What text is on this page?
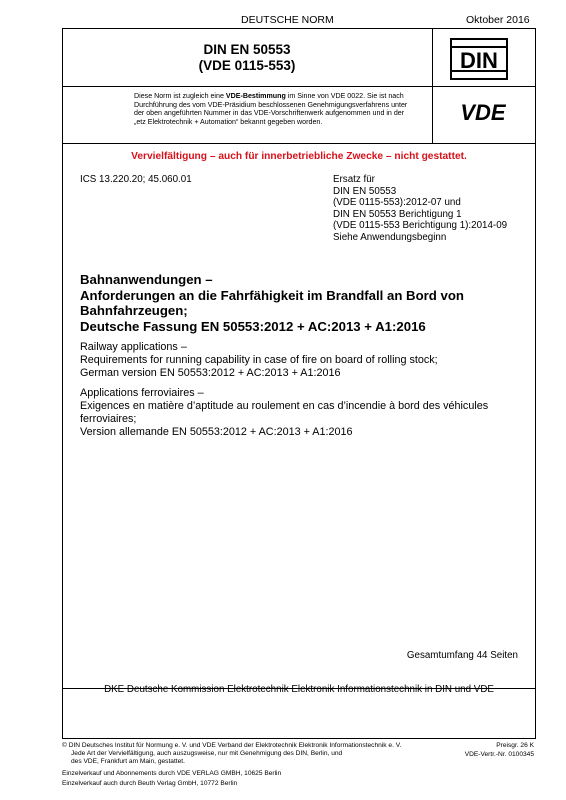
DEUTSCHE NORM	Oktober 2016
DIN EN 50553
(VDE 0115-553)	DIN
VDE
Diese Norm ist zugleich eine VDE-Bestimmung im Sinne von VDE 0022. Sie ist nach
Durchführung des vom VDE-Präsidium beschlossenen Genehmigungsverfahrens unter
der oben angeführten Nummer in das VDE-Vorschriftenwerk aufgenommen und in der
„etz Elektrotechnik + Automation“ bekannt gegeben worden.
Vervielfältigung – auch für innerbetriebliche Zwecke – nicht gestattet.
ICS 13.220.20; 45.060.01	Ersatz für
DIN EN 50553
(VDE 0115-553):2012-07 und
DIN EN 50553 Berichtigung 1
(VDE 0115-553 Berichtigung 1):2014-09
Siehe Anwendungsbeginn
Bahnanwendungen –
Anforderungen an die Fahrfähigkeit im Brandfall an Bord von
Bahnfahrzeugen;
Deutsche Fassung EN 50553:2012 + AC:2013 + A1:2016
Railway applications –
Requirements for running capability in case of fire on board of rolling stock;
German version EN 50553:2012 + AC:2013 + A1:2016
Applications ferroviaires –
Exigences en matière d’aptitude au roulement en cas d’incendie à bord des véhicules
ferroviaires;
Version allemande EN 50553:2012 + AC:2013 + A1:2016
Gesamtumfang 44 Seiten
DKE Deutsche Kommission Elektrotechnik Elektronik Informationstechnik in DIN und VDE
© DIN Deutsches Institut für Normung e. V. und VDE Verband der Elektrotechnik Elektronik Informationstechnik e. V.
Jede Art der Vervielfältigung, auch auszugsweise, nur mit Genehmigung des DIN, Berlin, und
des VDE, Frankfurt am Main, gestattet.
Einzelverkauf und Abonnements durch VDE VERLAG GMBH, 10625 Berlin
Einzelverkauf auch durch Beuth Verlag GmbH, 10772 Berlin
Preisgr. 26 K
VDE-Vertr.-Nr. 0100345
